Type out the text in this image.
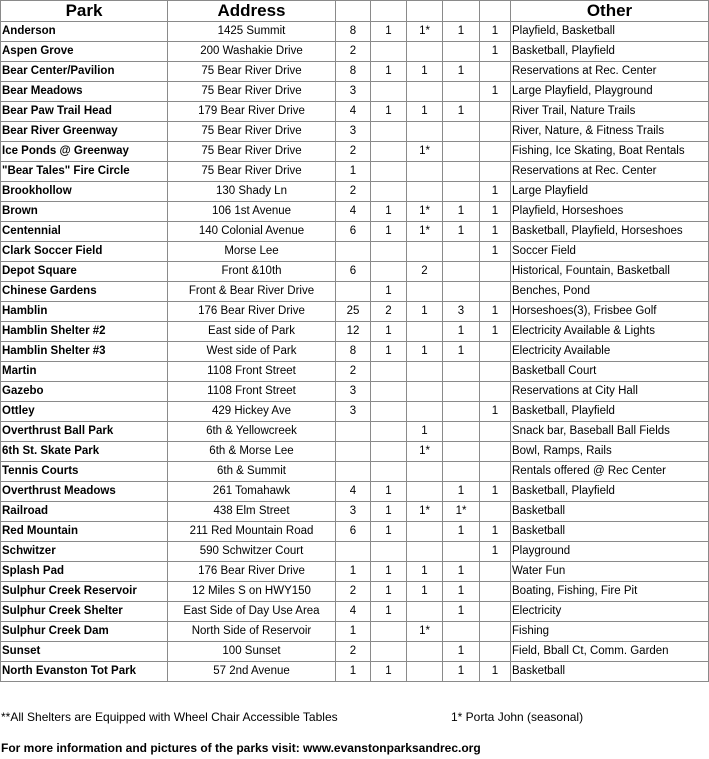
Park	Address						Other
Anderson	1425 Summit	8	1	1*	1	1	Playfield, Basketball
Aspen Grove	200 Washakie Drive	2				1	Basketball, Playfield
Bear Center/Pavilion	75 Bear River Drive	8	1	1	1		Reservations at Rec. Center
Bear Meadows	75 Bear River Drive	3				1	Large Playfield, Playground
Bear Paw Trail Head	179 Bear River Drive	4	1	1	1		River Trail, Nature Trails
Bear River Greenway	75 Bear River Drive	3					River, Nature, & Fitness Trails
Ice Ponds @ Greenway	75 Bear River Drive	2		1*			Fishing, Ice Skating, Boat Rentals
"Bear Tales" Fire Circle	75 Bear River Drive	1					Reservations at Rec. Center
Brookhollow	130 Shady Ln	2				1	Large Playfield
Brown	106 1st Avenue	4	1	1*	1	1	Playfield, Horseshoes
Centennial	140 Colonial Avenue	6	1	1*	1	1	Basketball, Playfield, Horseshoes
Clark Soccer Field	Morse Lee					1	Soccer Field
Depot Square	Front &10th	6		2			Historical, Fountain, Basketball
Chinese Gardens	Front & Bear River Drive		1				Benches, Pond
Hamblin	176 Bear River Drive	25	2	1	3	1	Horseshoes(3), Frisbee Golf
Hamblin Shelter #2	East side of Park	12	1		1	1	Electricity Available & Lights
Hamblin Shelter #3	West side of Park	8	1	1	1		Electricity Available
Martin	1108 Front Street	2					Basketball Court
Gazebo	1108 Front Street	3					Reservations at City Hall
Ottley	429 Hickey Ave	3				1	Basketball, Playfield
Overthrust Ball Park	6th & Yellowcreek			1			Snack bar, Baseball Ball Fields
6th St. Skate Park	6th & Morse Lee			1*			Bowl, Ramps, Rails
Tennis Courts	6th & Summit						Rentals offered @ Rec Center
Overthrust Meadows	261 Tomahawk	4	1		1	1	Basketball, Playfield
Railroad	438 Elm Street	3	1	1*	1*		Basketball
Red Mountain	211 Red Mountain Road	6	1		1	1	Basketball
Schwitzer	590 Schwitzer Court					1	Playground
Splash Pad	176 Bear River Drive	1	1	1	1		Water Fun
Sulphur Creek Reservoir	12 Miles S on HWY150	2	1	1	1		Boating, Fishing, Fire Pit
Sulphur Creek Shelter	East Side of Day Use Area	4	1		1		Electricity
Sulphur Creek Dam	North Side of Reservoir	1		1*			Fishing
Sunset	100 Sunset	2			1		Field, Bball Ct, Comm. Garden
North Evanston Tot Park	57 2nd Avenue	1	1		1	1	Basketball
**All Shelters are Equipped with Wheel Chair Accessible Tables	1* Porta John (seasonal)
For more information and pictures of the parks visit: www.evanstonparksandrec.org
